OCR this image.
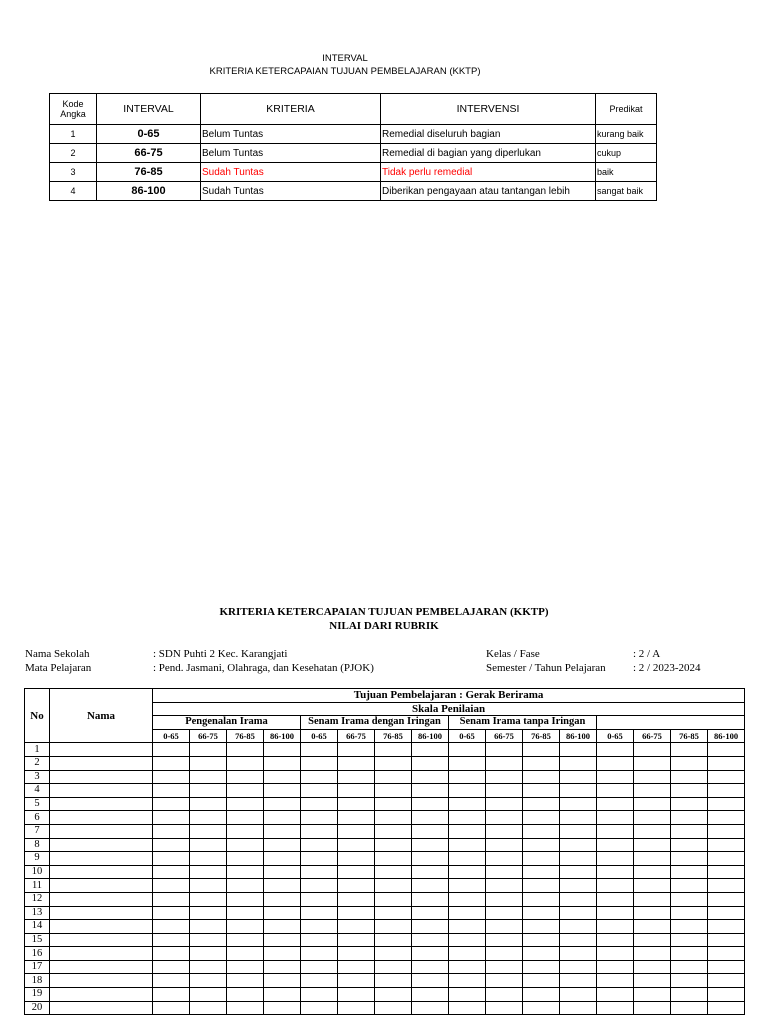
INTERVAL
KRITERIA KETERCAPAIAN TUJUAN PEMBELAJARAN (KKTP)
Kode
Angka	INTERVAL	KRITERIA	INTERVENSI	Predikat
1	0-65	Belum Tuntas	Remedial diseluruh bagian	kurang baik
2	66-75	Belum Tuntas	Remedial di bagian yang diperlukan	cukup
3	76-85	Sudah Tuntas	Tidak perlu remedial	baik
4	86-100	Sudah Tuntas	Diberikan pengayaan atau tantangan lebih	sangat baik
KRITERIA KETERCAPAIAN TUJUAN PEMBELAJARAN (KKTP)
NILAI DARI RUBRIK
Nama Sekolah	: SDN Puhti 2 Kec. Karangjati
Mata Pelajaran	: Pend. Jasmani, Olahraga, dan Kesehatan (PJOK)
Kelas / Fase	: 2 / A
Semester / Tahun Pelajaran : 2 / 2023-2024
No	Nama	Tujuan Pembelajaran : Gerak Berirama															
		Skala Penilaian															
		Pengenalan Irama				Senam Irama dengan Iringan				Senam Irama tanpa Iringan							
		0-65	66-75	76-85	86-100	0-65	66-75	76-85	86-100	0-65	66-75	76-85	86-100	0-65	66-75	76-85	86-100
1																	
2																	
3																	
4																	
5																	
6																	
7																	
8																	
9																	
10																	
11																	
12																	
13																	
14																	
15																	
16																	
17																	
18																	
19																	
20																	
